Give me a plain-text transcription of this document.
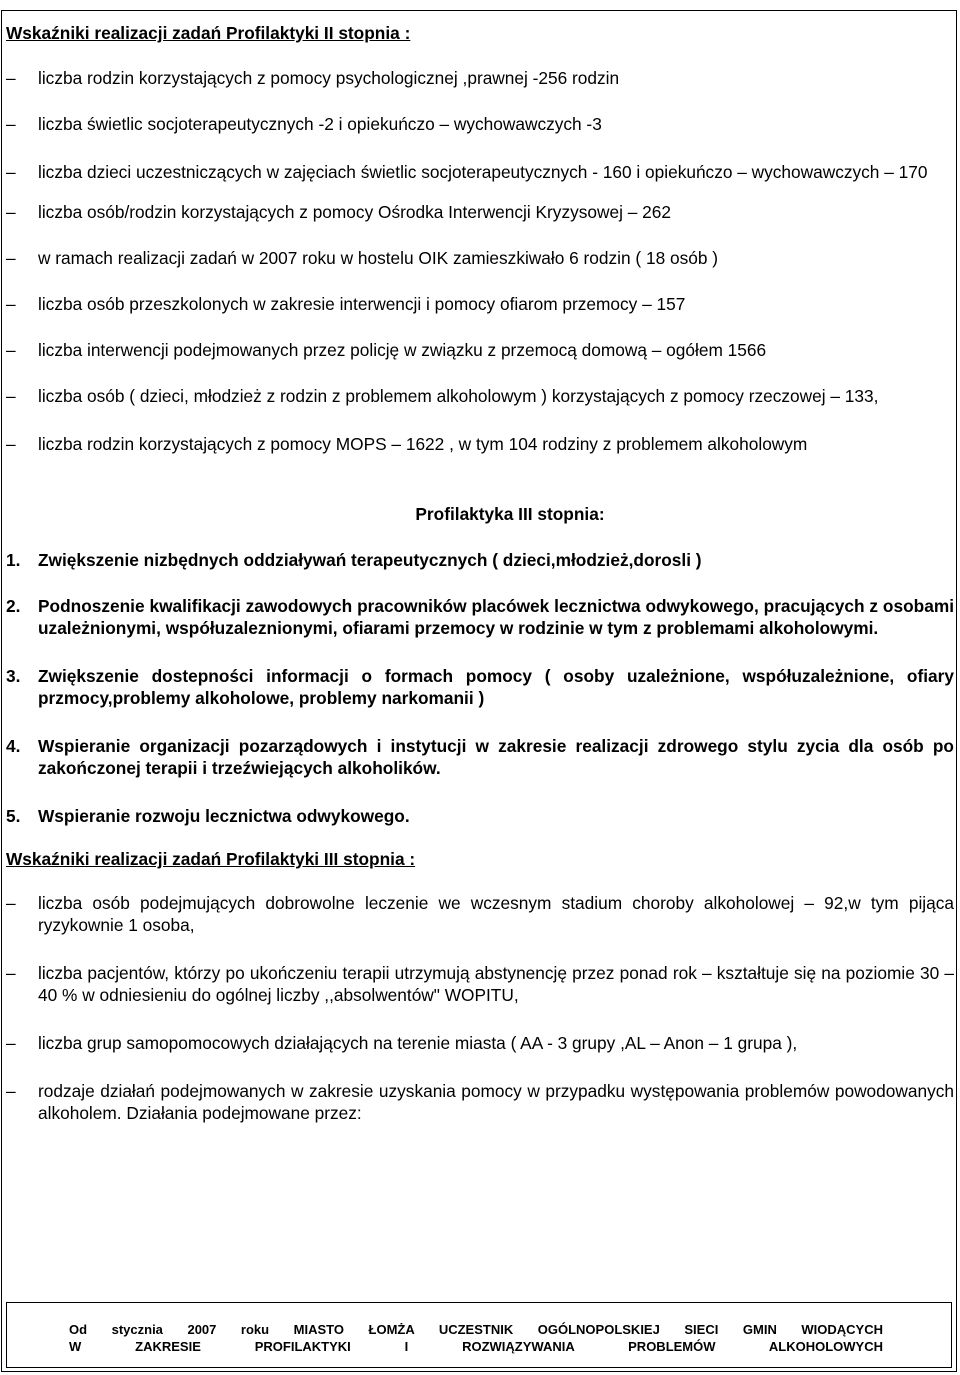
Wskaźniki realizacji zadań Profilaktyki II stopnia :

–	liczba rodzin korzystających z pomocy psychologicznej ,prawnej -256 rodzin

–	liczba świetlic socjoterapeutycznych -2 i opiekuńczo – wychowawczych -3

–	liczba dzieci uczestniczących w zajęciach świetlic socjoterapeutycznych - 160 i opiekuńczo – wychowawczych – 170

–	liczba osób/rodzin korzystających z pomocy Ośrodka Interwencji Kryzysowej – 262

–	w ramach realizacji zadań w 2007 roku w hostelu OIK zamieszkiwało 6 rodzin ( 18 osób )

–	liczba osób przeszkolonych w zakresie interwencji i pomocy ofiarom przemocy – 157

–	liczba interwencji podejmowanych przez policję w związku z przemocą domową – ogółem 1566

–	liczba osób ( dzieci, młodzież z rodzin z problemem alkoholowym ) korzystających z pomocy rzeczowej – 133,

–	liczba rodzin korzystających z pomocy MOPS – 1622 , w tym 104 rodziny z problemem alkoholowym

Profilaktyka III stopnia:

1. Zwiększenie nizbędnych oddziaływań terapeutycznych ( dzieci,młodzież,dorosli )

2. Podnoszenie kwalifikacji zawodowych pracowników placówek lecznictwa odwykowego, pracujących z osobami uzależnionymi, współuzaleznionymi, ofiarami przemocy w rodzinie w tym z problemami alkoholowymi.

3. Zwiększenie dostepności informacji o formach pomocy ( osoby uzależnione, współuzależnione, ofiary przmocy,problemy alkoholowe, problemy narkomanii )

4. Wspieranie organizacji pozarządowych i instytucji w zakresie realizacji zdrowego stylu zycia dla osób po zakończonej terapii i trzeźwiejących alkoholików.

5. Wspieranie rozwoju lecznictwa odwykowego.

Wskaźniki realizacji zadań Profilaktyki III stopnia :

–	liczba osób podejmujących dobrowolne leczenie we wczesnym stadium choroby alkoholowej – 92,w tym pijąca ryzykownie 1 osoba,

–	liczba pacjentów, którzy po ukończeniu terapii utrzymują abstynencję przez ponad rok – kształtuje się na poziomie 30 – 40 % w odniesieniu do ogólnej liczby ,,absolwentów" WOPITU,

–	liczba grup samopomocowych działających na terenie miasta ( AA - 3 grupy ,AL – Anon – 1 grupa ),

–	rodzaje działań podejmowanych w zakresie uzyskania pomocy w przypadku występowania problemów powodowanych alkoholem. Działania podejmowane przez:

Od stycznia 2007 roku MIASTO ŁOMŻA UCZESTNIK OGÓLNOPOLSKIEJ SIECI GMIN WIODĄCYCH
W ZAKRESIE PROFILAKTYKI I ROZWIĄZYWANIA PROBLEMÓW ALKOHOLOWYCH
